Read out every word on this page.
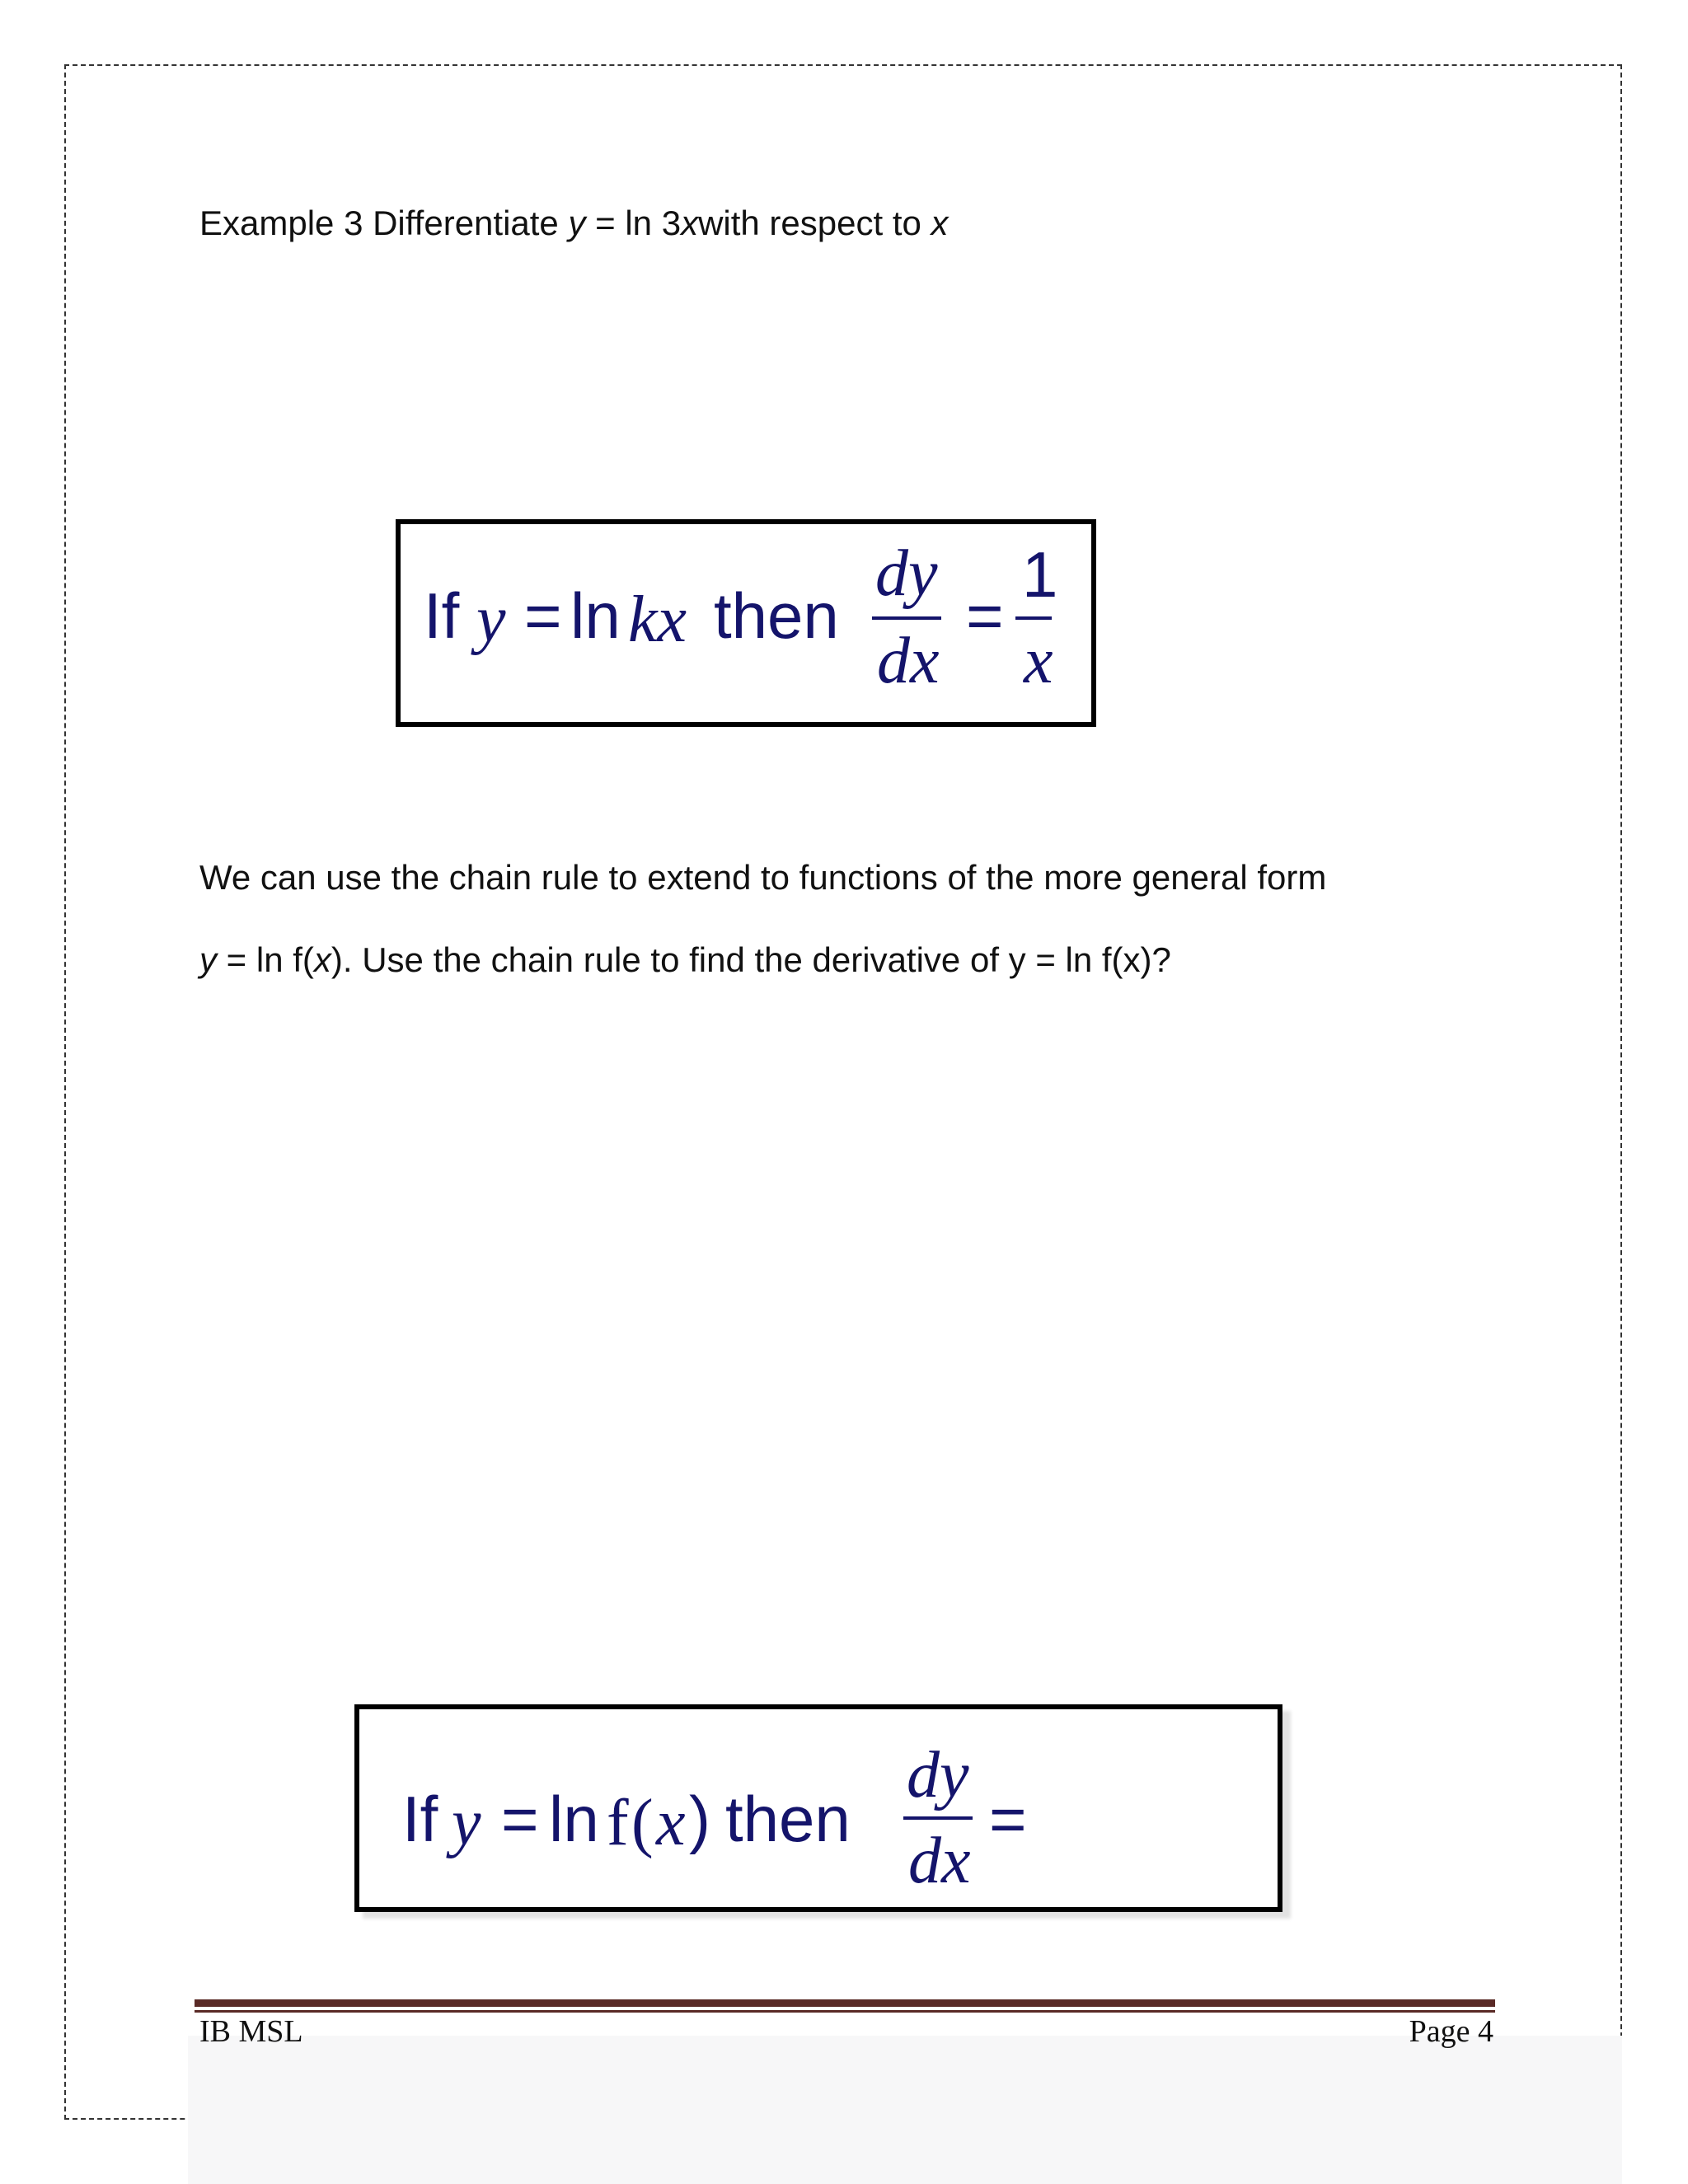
Example 3 Differentiate y = ln 3xwith respect to x
If y = ln kx then
dy
dx
=
1
x
We can use the chain rule to extend to functions of the more general form
y = ln f(x). Use the chain rule to find the derivative of y = ln f(x)?
If y = ln f ( x ) then
dy
dx
=
IB MSL	Page 4
